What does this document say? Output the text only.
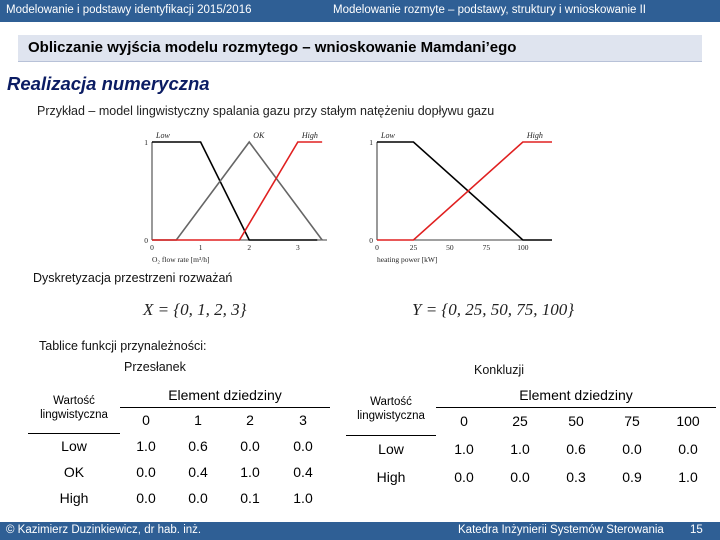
Modelowanie i podstawy identyfikacji 2015/2016	Modelowanie rozmyte – podstawy, struktury i wnioskowanie II
Obliczanie wyjścia modelu rozmytego – wnioskowanie Mamdani’ego
Realizacja numeryczna
Przykład – model lingwistyczny spalania gazu przy stałym natężeniu dopływu gazu
0	1	2	3
0
1
Low	OK	High
O₂ flow rate [m³/h]
0	25	50	75	100
0
1
Low	High
heating power [kW]
Dyskretyzacja przestrzeni rozważań
X = {0, 1, 2, 3}	Y = {0, 25, 50, 75, 100}
Tablice funkcji przynależności:
Przesłanek	Konkluzji
Wartość lingwistyczna	Element dziedziny			
	0	1	2	3
Low	1.0	0.6	0.0	0.0
OK	0.0	0.4	1.0	0.4
High	0.0	0.0	0.1	1.0
Wartość lingwistyczna	Element dziedziny				
	0	25	50	75	100
Low	1.0	1.0	0.6	0.0	0.0
High	0.0	0.0	0.3	0.9	1.0
© Kazimierz Duzinkiewicz, dr hab. inż.	Katedra Inżynierii Systemów Sterowania 15
